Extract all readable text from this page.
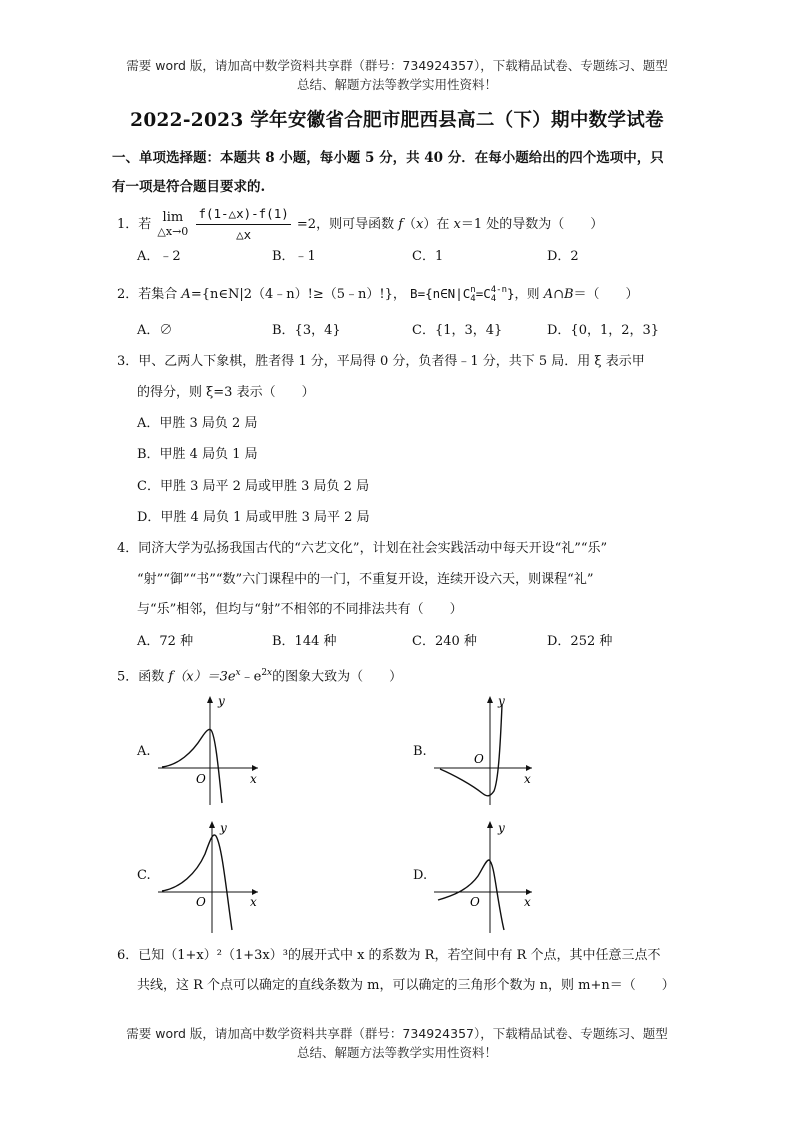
需要 word 版，请加高中数学资料共享群（群号：734924357），下载精品试卷、专题练习、题型
总结、解题方法等教学实用性资料！
2022-2023 学年安徽省合肥市肥西县高二（下）期中数学试卷
一、单项选择题：本题共 8 小题，每小题 5 分，共 40 分．在每小题给出的四个选项中，只
有一项是符合题目要求的.
1．若 lim
△x→0
$\frac{f(1-\triangle x)-f(1)}{\triangle x} =2$，则可导函数 f（x）在 x＝1 处的导数为（　　）
A．﹣2	B．﹣1	C．1	D．2
2．若集合 A={n∈N|2（4﹣n）!≥（5﹣n）!}， B={n∈N|C n
4 =C 4-n
4 }，则 A∩B＝（　　）
A．∅	B．{3，4}	C．{1，3，4}	D．{0，1，2，3}
3．甲、乙两人下象棋，胜者得 1 分，平局得 0 分，负者得﹣1 分，共下 5 局．用 ξ 表示甲
的得分，则 ξ=3 表示（　　）
A．甲胜 3 局负 2 局
B．甲胜 4 局负 1 局
C．甲胜 3 局平 2 局或甲胜 3 局负 2 局
D．甲胜 4 局负 1 局或甲胜 3 局平 2 局
4．同济大学为弘扬我国古代的“六艺文化”，计划在社会实践活动中每天开设“礼”“乐”
“射”“御”“书”“数”六门课程中的一门，不重复开设，连续开设六天，则课程“礼”
与“乐”相邻，但均与“射”不相邻的不同排法共有（　　）
A．72 种	B．144 种	C．240 种	D．252 种
5．函数 $f(x)=3e^x﹣e^{2x}$的图象大致为（　　）
A.
y
x
O
B.
y
x
O
C.
y
x
O
D.
y
x
O
6．已知（1+x）²（1+3x）³的展开式中 x 的系数为 R，若空间中有 R 个点，其中任意三点不
共线，这 R 个点可以确定的直线条数为 m，可以确定的三角形个数为 n，则 m+n＝（　　）
需要 word 版，请加高中数学资料共享群（群号：734924357），下载精品试卷、专题练习、题型
总结、解题方法等教学实用性资料！
